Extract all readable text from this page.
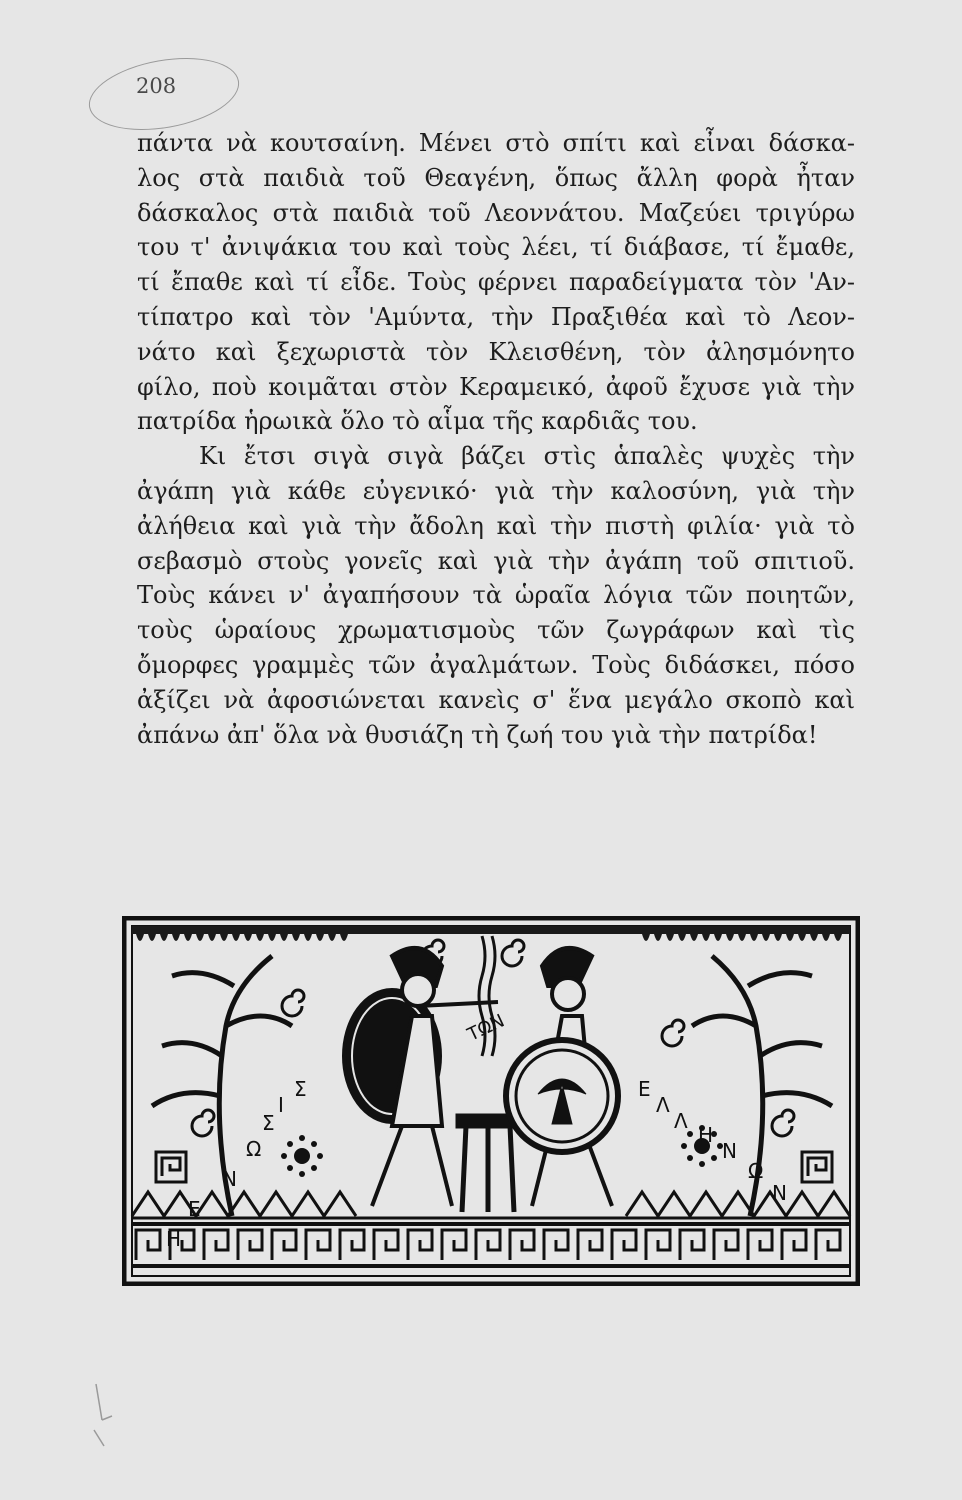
208
πάντα νὰ κουτσαίνη. Μένει στὸ σπίτι καὶ εἶναι δάσκα-
λος στὰ παιδιὰ τοῦ Θεαγένη, ὅπως ἄλλη φορὰ ἦταν
δάσκαλος στὰ παιδιὰ τοῦ Λεοννάτου. Μαζεύει τριγύρω
του τ' ἀνιψάκια του καὶ τοὺς λέει, τί διάβασε, τί ἔμαθε,
τί ἔπαθε καὶ τί εἶδε. Τοὺς φέρνει παραδείγματα τὸν 'Αν-
τίπατρο καὶ τὸν 'Αμύντα, τὴν Πραξιθέα καὶ τὸ Λεον-
νάτο καὶ ξεχωριστὰ τὸν Κλεισθένη, τὸν ἀλησμόνητο
φίλο, ποὺ κοιμᾶται στὸν Κεραμεικό, ἀφοῦ ἔχυσε γιὰ τὴν
πατρίδα ἡρωικὰ ὅλο τὸ αἷμα τῆς καρδιᾶς του.
Κι ἔτσι σιγὰ σιγὰ βάζει στὶς ἁπαλὲς ψυχὲς τὴν
ἀγάπη γιὰ κάθε εὐγενικό· γιὰ τὴν καλοσύνη, γιὰ τὴν
ἀλήθεια καὶ γιὰ τὴν ἄδολη καὶ τὴν πιστὴ φιλία· γιὰ τὸ
σεβασμὸ στοὺς γονεῖς καὶ γιὰ τὴν ἀγάπη τοῦ σπιτιοῦ.
Τοὺς κάνει ν' ἀγαπήσουν τὰ ὡραῖα λόγια τῶν ποιητῶν,
τοὺς ὡραίους χρωματισμοὺς τῶν ζωγράφων καὶ τὶς
ὄμορφες γραμμὲς τῶν ἀγαλμάτων. Τοὺς διδάσκει, πόσο
ἀξίζει νὰ ἀφοσιώνεται κανεὶς σ' ἕνα μεγάλο σκοπὸ καὶ
ἀπάνω ἀπ' ὅλα νὰ θυσιάζη τὴ ζωή του γιὰ τὴν πατρίδα!
Η
Ε
Ν
Ω
Σ
Ι
Σ
ΤΩΝ
Ε
Λ
Λ
Η
Ν
Ω
Ν
